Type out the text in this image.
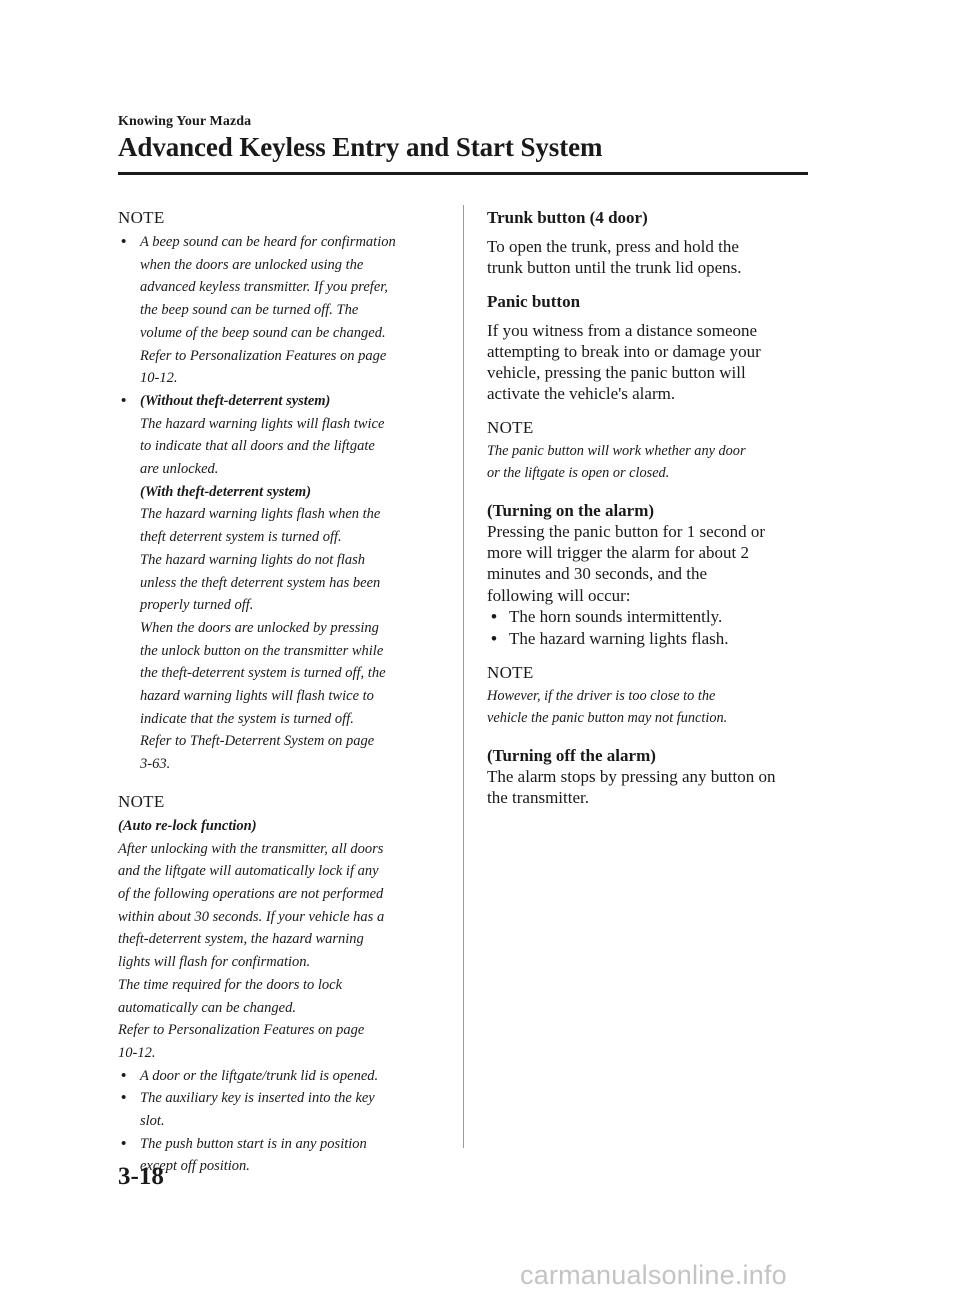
Knowing Your Mazda
Advanced Keyless Entry and Start System
NOTE
• A beep sound can be heard for confirmation
when the doors are unlocked using the
advanced keyless transmitter. If you prefer,
the beep sound can be turned off. The
volume of the beep sound can be changed.
Refer to Personalization Features on page
10-12.
• (Without theft-deterrent system)
The hazard warning lights will flash twice
to indicate that all doors and the liftgate
are unlocked.
(With theft-deterrent system)
The hazard warning lights flash when the
theft deterrent system is turned off.
The hazard warning lights do not flash
unless the theft deterrent system has been
properly turned off.
When the doors are unlocked by pressing
the unlock button on the transmitter while
the theft-deterrent system is turned off, the
hazard warning lights will flash twice to
indicate that the system is turned off.
Refer to Theft-Deterrent System on page
3-63.
NOTE

(Auto re-lock function)

After unlocking with the transmitter, all doors

and the liftgate will automatically lock if any

of the following operations are not performed

within about 30 seconds. If your vehicle has a

theft-deterrent system, the hazard warning

lights will flash for confirmation.

The time required for the doors to lock

automatically can be changed.

Refer to Personalization Features on page

10-12.

• A door or the liftgate/trunk lid is opened.
• The auxiliary key is inserted into the key
slot.
• The push button start is in any position
except off position.
Trunk button (4 door)

To open the trunk, press and hold the
trunk button until the trunk lid opens.

Panic button

If you witness from a distance someone
attempting to break into or damage your
vehicle, pressing the panic button will
activate the vehicle's alarm.

NOTE

The panic button will work whether any door

or the liftgate is open or closed.

(Turning on the alarm)

Pressing the panic button for 1 second or
more will trigger the alarm for about 2
minutes and 30 seconds, and the
following will occur:

• The horn sounds intermittently.
• The hazard warning lights flash.
NOTE

However, if the driver is too close to the

vehicle the panic button may not function.

(Turning off the alarm)

The alarm stops by pressing any button on
the transmitter.

3-18
carmanualsonline.info
